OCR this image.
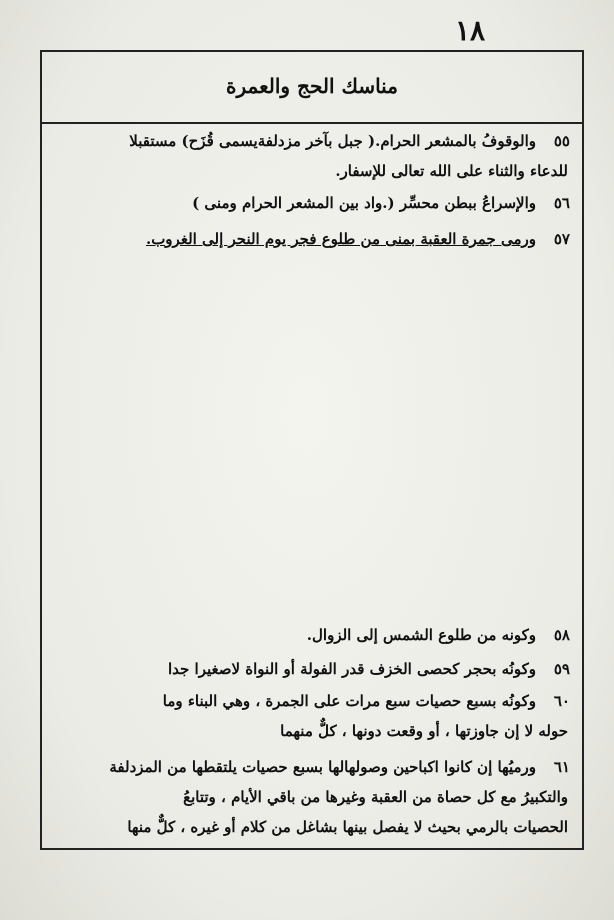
١٨
مناسك الحج والعمرة
٥٥والوقوفُ بالمشعر الحرام.( جبل بآخر مزدلفةيسمى قُزَح) مستقبلا
للدعاء والثناء على الله تعالى للإسفار.
٥٦والإسراعُ ببطن محسِّر (.واد بين المشعر الحرام ومنى )
٥٧ورمى جمرة العقبة بمنى من طلوع فجر يوم النحر إلى الغروب.
٥٨وكونه من طلوع الشمس إلى الزوال.
٥٩وكونُه بحجر كحصى الخزف قدر الفولة أو النواة لاصغيرا جدا
٦٠وكونُه بسبع حصيات سبع مرات على الجمرة ، وهي البناء وما
حوله لا إن جاوزتها ، أو وقعت دونها ، كلٌّ منهما
٦١ورميُها إن كانوا اكباحين وصولهالها بسبع حصيات يلتقطها من المزدلفة
والتكبيرُ مع كل حصاة من العقبة وغيرها من باقي الأيام ، وتتابعُ
الحصيات بالرمي بحيث لا يفصل بينها بشاغل من كلام أو غيره ، كلٌّ منها
